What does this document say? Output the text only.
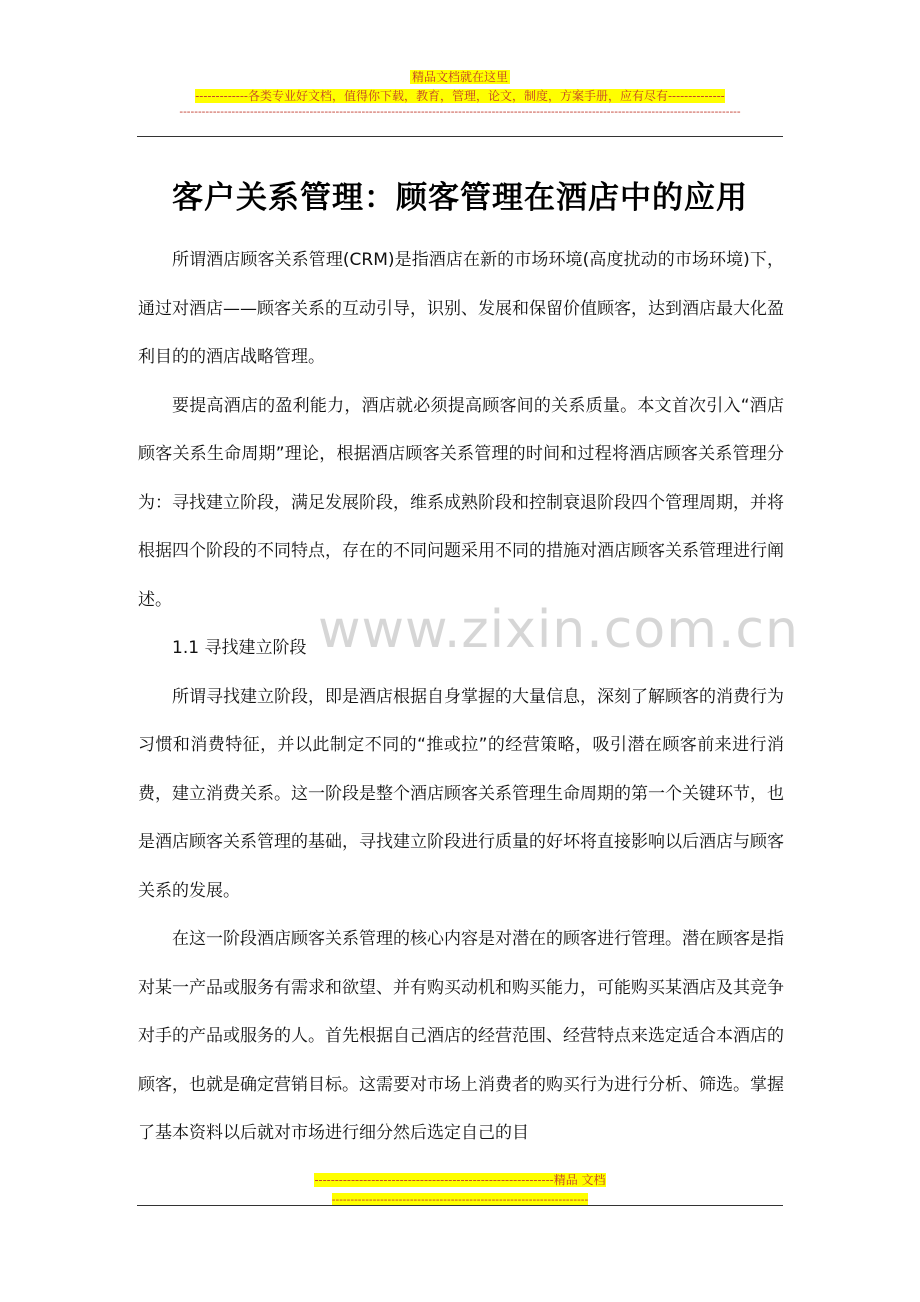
精品文档就在这里
-------------各类专业好文档，值得你下载，教育，管理，论文，制度，方案手册，应有尽有--------------
-------------------------------------------------------------------------------------------------------------------------------------------------------
客户关系管理：顾客管理在酒店中的应用

所谓酒店顾客关系管理(CRM)是指酒店在新的市场环境(高度扰动的市场环境)下，通过对酒店——顾客关系的互动引导，识别、发展和保留价值顾客，达到酒店最大化盈利目的的酒店战略管理。

要提高酒店的盈利能力，酒店就必须提高顾客间的关系质量。本文首次引入“酒店顾客关系生命周期”理论，根据酒店顾客关系管理的时间和过程将酒店顾客关系管理分为：寻找建立阶段，满足发展阶段，维系成熟阶段和控制衰退阶段四个管理周期，并将根据四个阶段的不同特点，存在的不同问题采用不同的措施对酒店顾客关系管理进行阐述。

1.1 寻找建立阶段

所谓寻找建立阶段，即是酒店根据自身掌握的大量信息，深刻了解顾客的消费行为习惯和消费特征，并以此制定不同的“推或拉”的经营策略，吸引潜在顾客前来进行消费，建立消费关系。这一阶段是整个酒店顾客关系管理生命周期的第一个关键环节，也是酒店顾客关系管理的基础，寻找建立阶段进行质量的好坏将直接影响以后酒店与顾客关系的发展。

在这一阶段酒店顾客关系管理的核心内容是对潜在的顾客进行管理。潜在顾客是指对某一产品或服务有需求和欲望、并有购买动机和购买能力，可能购买某酒店及其竞争对手的产品或服务的人。首先根据自己酒店的经营范围、经营特点来选定适合本酒店的顾客，也就是确定营销目标。这需要对市场上消费者的购买行为进行分析、筛选。掌握了基本资料以后就对市场进行细分然后选定自己的目

www.zixin.com.cn
-----------------------------------------------------------精品 文档
---------------------------------------------------------------------
